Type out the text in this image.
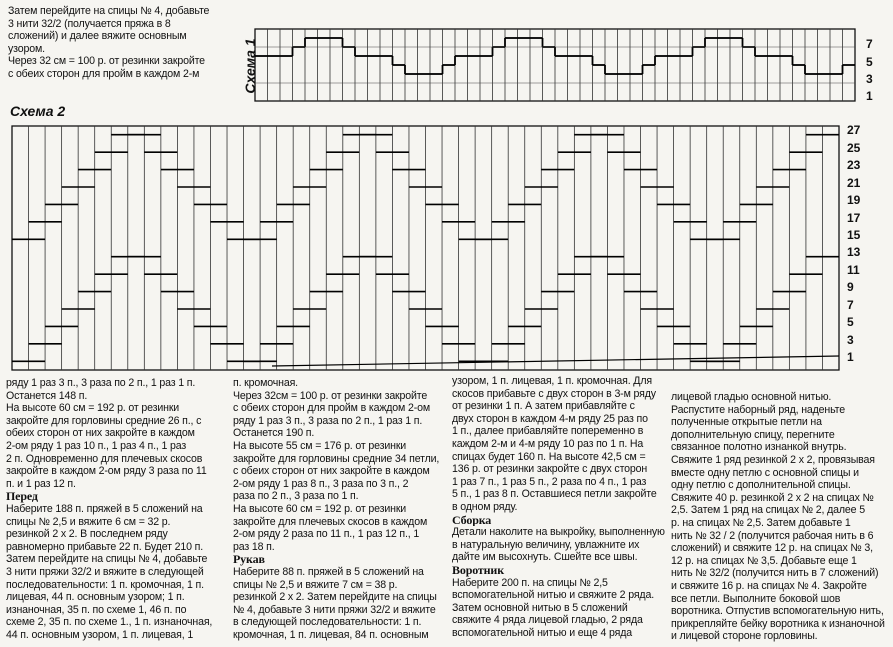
Затем перейдите на спицы № 4, добавьте
3 нити 32/2 (получается пряжа в 8
сложений) и далее вяжите основным
узором.
Через 32 см = 100 р. от резинки закройте
с обеих сторон для пройм в каждом 2-м	Схема 1	7
5
3
1
Схема 2
27
25
23
21
19
17
15
13
11
9
7
5
3
1
ряду 1 раз 3 п., 3 раза по 2 п., 1 раз 1 п.
Останется 148 п.
На высоте 60 см = 192 р. от резинки
закройте для горловины средние 26 п., с
обеих сторон от них закройте в каждом
2-ом ряду 1 раз 10 п., 1 раз 4 п., 1 раз
2 п. Одновременно для плечевых скосов
закройте в каждом 2-ом ряду 3 раза по 11
п. и 1 раз 12 п.
Перед
Наберите 188 п. пряжей в 5 сложений на
спицы № 2,5 и вяжите 6 см = 32 р.
резинкой 2 х 2. В последнем ряду
равномерно прибавьте 22 п. Будет 210 п.
Затем перейдите на спицы № 4, добавьте
3 нити пряжи 32/2 и вяжите в следующей
последовательности: 1 п. кромочная, 1 п.
лицевая, 44 п. основным узором; 1 п.
изнаночная, 35 п. по схеме 1, 46 п. по
схеме 2, 35 п. по схеме 1., 1 п. изнаночная,
44 п. основным узором, 1 п. лицевая, 1
п. кромочная.
Через 32см = 100 р. от резинки закройте
с обеих сторон для пройм в каждом 2-ом
ряду 1 раз 3 п., 3 раза по 2 п., 1 раз 1 п.
Останется 190 п.
На высоте 55 см = 176 р. от резинки
закройте для горловины средние 34 петли,
с обеих сторон от них закройте в каждом
2-ом ряду 1 раз 8 п., 3 раза по 3 п., 2
раза по 2 п., 3 раза по 1 п.
На высоте 60 см = 192 р. от резинки
закройте для плечевых скосов в каждом
2-ом ряду 2 раза по 11 п., 1 раз 12 п., 1
раз 18 п.
Рукав
Наберите 88 п. пряжей в 5 сложений на
спицы № 2,5 и вяжите 7 см = 38 р.
резинкой 2 х 2. Затем перейдите на спицы
№ 4, добавьте 3 нити пряжи 32/2 и вяжите
в следующей последовательности: 1 п.
кромочная, 1 п. лицевая, 84 п. основным
узором, 1 п. лицевая, 1 п. кромочная. Для
скосов прибавьте с двух сторон в 3-м ряду
от резинки 1 п. А затем прибавляйте с
двух сторон в каждом 4-м ряду 25 раз по
1 п., далее прибавляйте попеременно в
каждом 2-м и 4-м ряду 10 раз по 1 п. На
спицах будет 160 п. На высоте 42,5 см =
136 р. от резинки закройте с двух сторон
1 раз 7 п., 1 раз 5 п., 2 раза по 4 п., 1 раз
5 п., 1 раз 8 п. Оставшиеся петли закройте
в одном ряду.
Сборка
Детали наколите на выкройку, выполненную
в натуральную величину, увлажните их
дайте им высохнуть. Сшейте все швы.
Воротник
Наберите 200 п. на спицы № 2,5
вспомогательной нитью и свяжите 2 ряда.
Затем основной нитью в 5 сложений
свяжите 4 ряда лицевой гладью, 2 ряда
вспомогательной нитью и еще 4 ряда
лицевой гладью основной нитью.
Распустите наборный ряд, наденьте
полученные открытые петли на
дополнительную спицу, перегните
связанное полотно изнанкой внутрь.
Свяжите 1 ряд резинкой 2 х 2, провязывая
вместе одну петлю с основной спицы и
одну петлю с дополнительной спицы.
Свяжите 40 р. резинкой 2 х 2 на спицах №
2,5. Затем 1 ряд на спицах № 2, далее 5
р. на спицах № 2,5. Затем добавьте 1
нить № 32 / 2 (получится рабочая нить в 6
сложений) и свяжите 12 р. на спицах № 3,
12 р. на спицах № 3,5. Добавьте еще 1
нить № 32/2 (получится нить в 7 сложений)
и свяжите 16 р. на спицах № 4. Закройте
все петли. Выполните боковой шов
воротника. Отпустив вспомогательную нить,
прикрепляйте бейку воротника к изнаночной
и лицевой стороне горловины.
